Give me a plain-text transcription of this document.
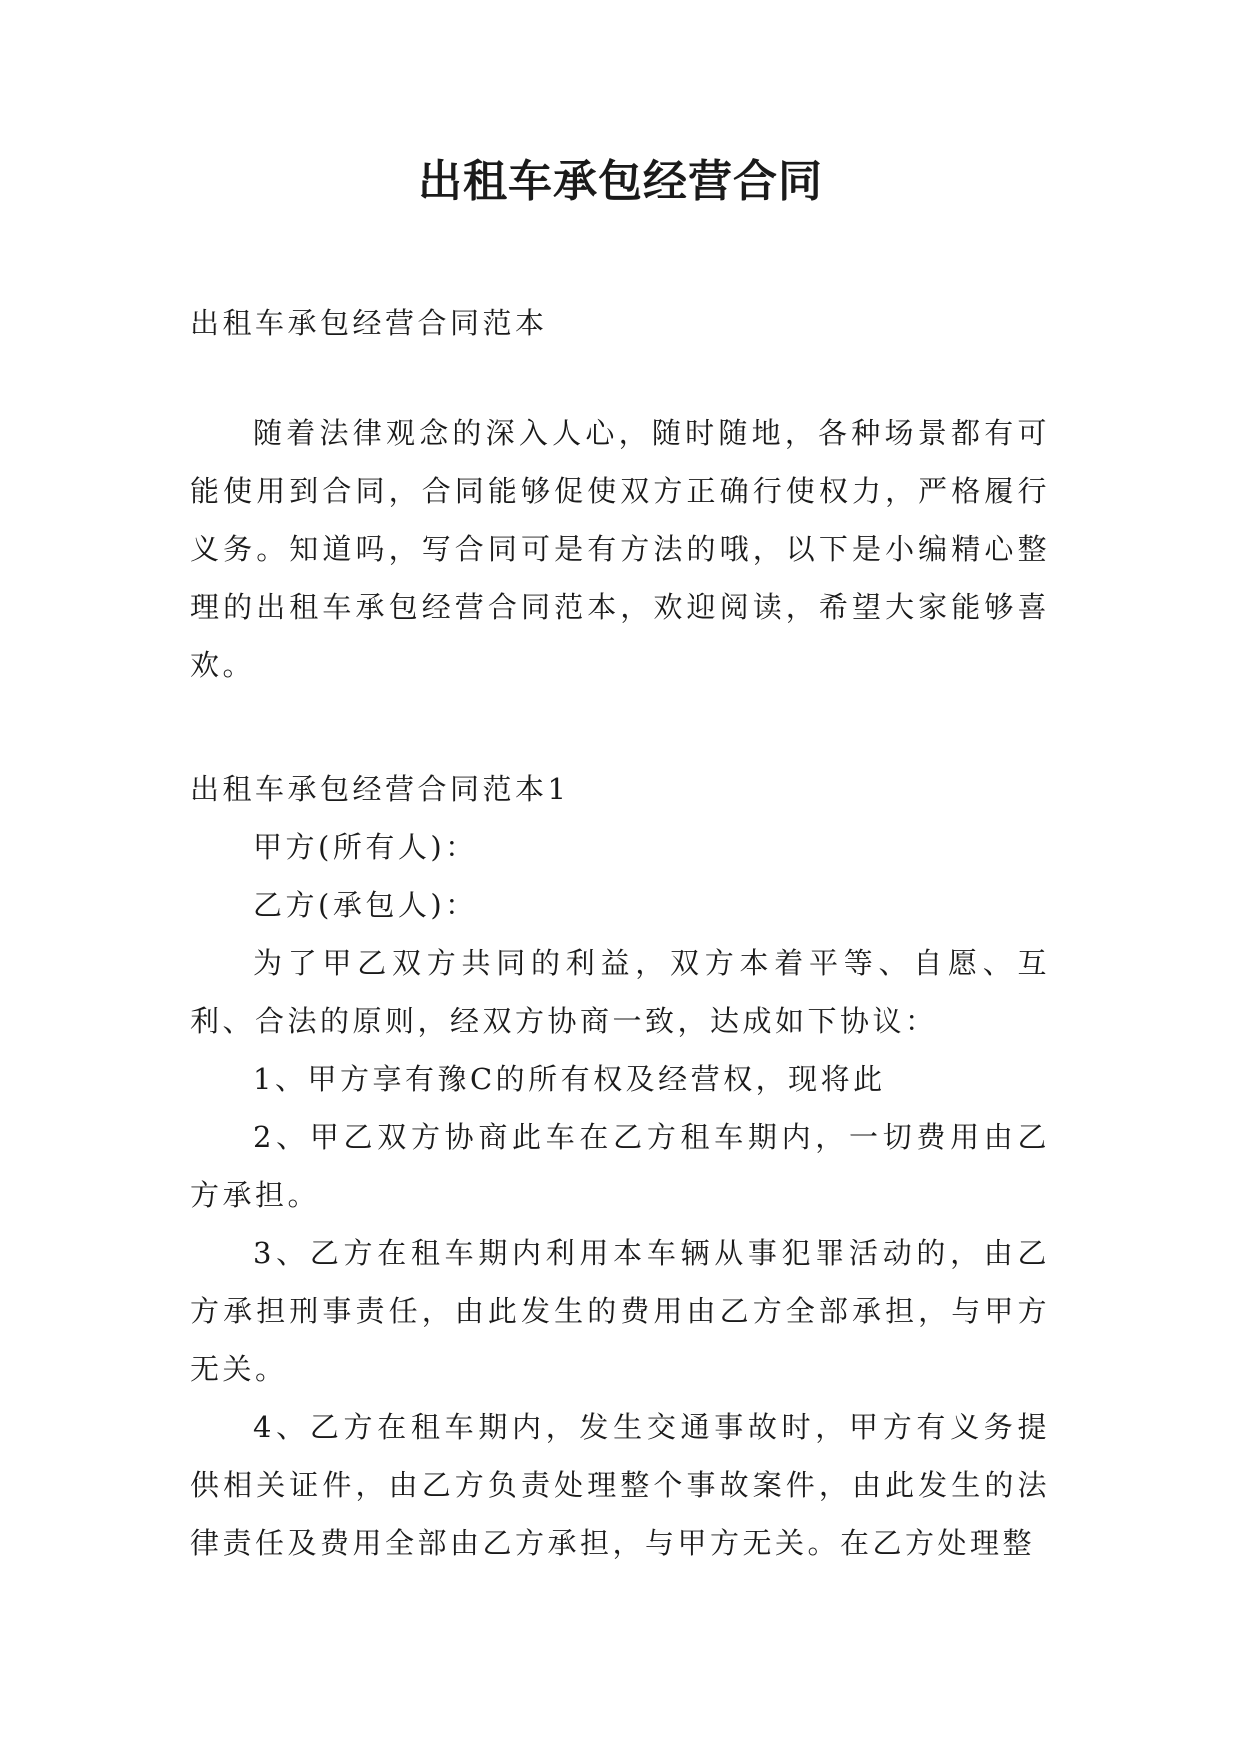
出租车承包经营合同

出租车承包经营合同范本

随着法律观念的深入人心，随时随地，各种场景都有可能使用到合同，合同能够促使双方正确行使权力，严格履行义务。知道吗，写合同可是有方法的哦，以下是小编精心整理的出租车承包经营合同范本，欢迎阅读，希望大家能够喜欢。

出租车承包经营合同范本1

甲方(所有人)：

乙方(承包人)：

为了甲乙双方共同的利益，双方本着平等、自愿、互利、合法的原则，经双方协商一致，达成如下协议：

1、甲方享有豫C的所有权及经营权，现将此

2、甲乙双方协商此车在乙方租车期内，一切费用由乙方承担。

3、乙方在租车期内利用本车辆从事犯罪活动的，由乙方承担刑事责任，由此发生的费用由乙方全部承担，与甲方无关。

4、乙方在租车期内，发生交通事故时，甲方有义务提供相关证件，由乙方负责处理整个事故案件，由此发生的法律责任及费用全部由乙方承担，与甲方无关。在乙方处理整
